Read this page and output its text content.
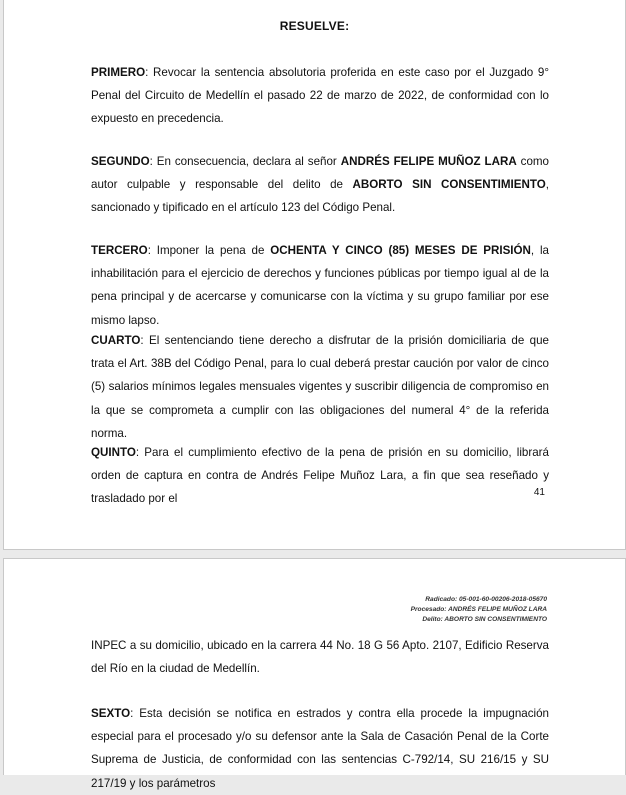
RESUELVE:

PRIMERO: Revocar la sentencia absolutoria proferida en este caso por el Juzgado 9° Penal del Circuito de Medellín el pasado 22 de marzo de 2022, de conformidad con lo expuesto en precedencia.

SEGUNDO: En consecuencia, declara al señor ANDRÉS FELIPE MUÑOZ LARA como autor culpable y responsable del delito de ABORTO SIN CONSENTIMIENTO, sancionado y tipificado en el artículo 123 del Código Penal.

TERCERO: Imponer la pena de OCHENTA Y CINCO (85) MESES DE PRISIÓN, la inhabilitación para el ejercicio de derechos y funciones públicas por tiempo igual al de la pena principal y de acercarse y comunicarse con la víctima y su grupo familiar por ese mismo lapso.

CUARTO: El sentenciando tiene derecho a disfrutar de la prisión domiciliaria de que trata el Art. 38B del Código Penal, para lo cual deberá prestar caución por valor de cinco (5) salarios mínimos legales mensuales vigentes y suscribir diligencia de compromiso en la que se comprometa a cumplir con las obligaciones del numeral 4° de la referida norma.

QUINTO: Para el cumplimiento efectivo de la pena de prisión en su domicilio, librará orden de captura en contra de Andrés Felipe Muñoz Lara, a fin que sea reseñado y trasladado por el	41
Radicado: 05-001-60-00206-2018-05670
Procesado: ANDRÉS FELIPE MUÑOZ LARA
Delito: ABORTO SIN CONSENTIMIENTO

INPEC a su domicilio, ubicado en la carrera 44 No. 18 G 56 Apto. 2107, Edificio Reserva del Río en la ciudad de Medellín.

SEXTO: Esta decisión se notifica en estrados y contra ella procede la impugnación especial para el procesado y/o su defensor ante la Sala de Casación Penal de la Corte Suprema de Justicia, de conformidad con las sentencias C-792/14, SU 216/15 y SU 217/19 y los parámetros
